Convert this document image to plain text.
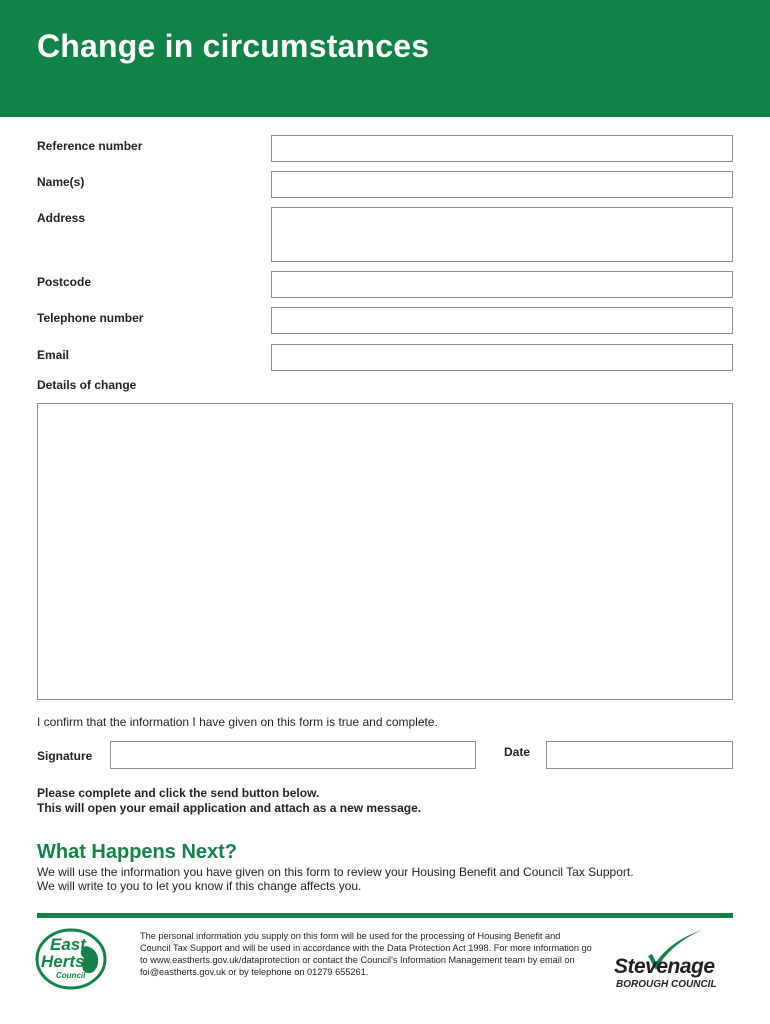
Change in circumstances
Reference number
Name(s)
Address
Postcode
Telephone number
Email
Details of change
I confirm that the information I have given on this form is true and complete.
Signature	Date
Please complete and click the send button below.
This will open your email application and attach as a new message.
What Happens Next?
We will use the information you have given on this form to review your Housing Benefit and Council Tax Support.
We will write to you to let you know if this change affects you.
East
Herts
Council
The personal information you supply on this form will be used for the processing of Housing Benefit and Council Tax Support and will be used in accordance with the Data Protection Act 1998. For more information go to www.eastherts.gov.uk/dataprotection or contact the Council's Information Management team by email on foi@eastherts.gov.uk or by telephone on 01279 655261.	Stevenage
BOROUGH COUNCIL
